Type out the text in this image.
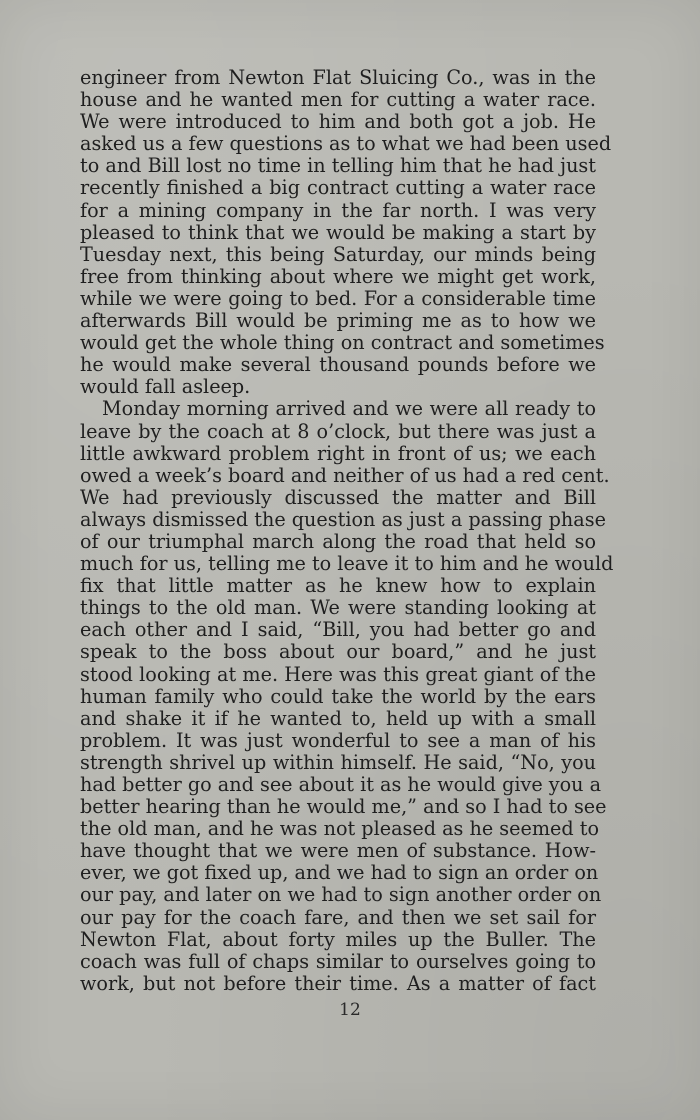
engineer from Newton Flat Sluicing Co., was in the
house and he wanted men for cutting a water race.
We were introduced to him and both got a job. He
asked us a few questions as to what we had been used
to and Bill lost no time in telling him that he had just
recently finished a big contract cutting a water race
for a mining company in the far north. I was very
pleased to think that we would be making a start by
Tuesday next, this being Saturday, our minds being
free from thinking about where we might get work,
while we were going to bed. For a considerable time
afterwards Bill would be priming me as to how we
would get the whole thing on contract and sometimes
he would make several thousand pounds before we
would fall asleep.
Monday morning arrived and we were all ready to
leave by the coach at 8 o’clock, but there was just a
little awkward problem right in front of us; we each
owed a week’s board and neither of us had a red cent.
We had previously discussed the matter and Bill
always dismissed the question as just a passing phase
of our triumphal march along the road that held so
much for us, telling me to leave it to him and he would
fix that little matter as he knew how to explain
things to the old man. We were standing looking at
each other and I said, “Bill, you had better go and
speak to the boss about our board,” and he just
stood looking at me. Here was this great giant of the
human family who could take the world by the ears
and shake it if he wanted to, held up with a small
problem. It was just wonderful to see a man of his
strength shrivel up within himself. He said, “No, you
had better go and see about it as he would give you a
better hearing than he would me,” and so I had to see
the old man, and he was not pleased as he seemed to
have thought that we were men of substance. How-
ever, we got fixed up, and we had to sign an order on
our pay, and later on we had to sign another order on
our pay for the coach fare, and then we set sail for
Newton Flat, about forty miles up the Buller. The
coach was full of chaps similar to ourselves going to
work, but not before their time. As a matter of fact
12
